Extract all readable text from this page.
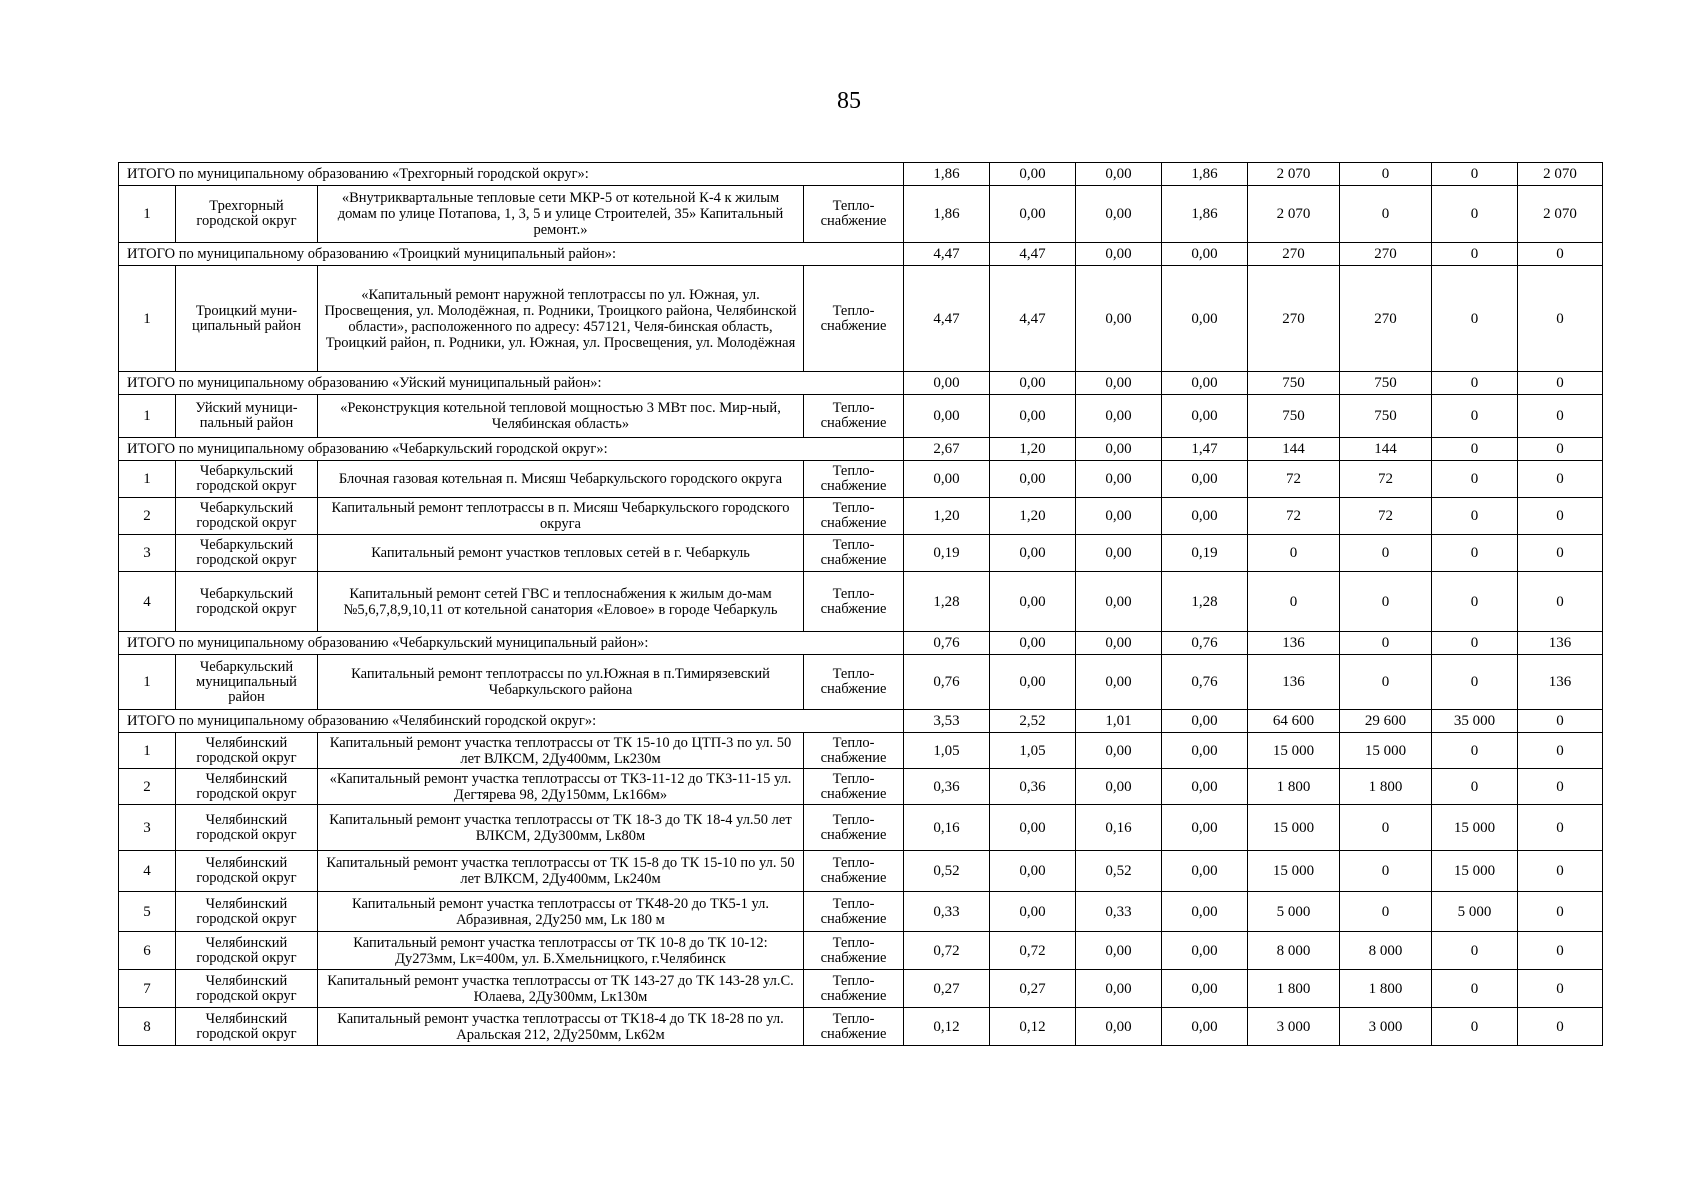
85
ИТОГО по муниципальному образованию «Трехгорный городской округ»:				1,86	0,00	0,00	1,86	2 070	0	0	2 070
1	Трехгорный городской округ	«Внутриквартальные тепловые сети МКР-5 от котельной К-4 к жилым домам по улице Потапова, 1, 3, 5 и улице Строителей, 35» Капитальный ремонт.»	Тепло-снабжение	1,86	0,00	0,00	1,86	2 070	0	0	2 070
ИТОГО по муниципальному образованию «Троицкий муниципальный район»:				4,47	4,47	0,00	0,00	270	270	0	0
1	Троицкий муни-ципальный район	«Капитальный ремонт наружной теплотрассы по ул. Южная, ул. Просвещения, ул. Молодёжная, п. Родники, Троицкого района, Челябинской области», расположенного по адресу: 457121, Челя-бинская область, Троицкий район, п. Родники, ул. Южная, ул. Просвещения, ул. Молодёжная	Тепло-снабжение	4,47	4,47	0,00	0,00	270	270	0	0
ИТОГО по муниципальному образованию «Уйский муниципальный район»:				0,00	0,00	0,00	0,00	750	750	0	0
1	Уйский муници-пальный район	«Реконструкция котельной тепловой мощностью 3 МВт пос. Мир-ный, Челябинская область»	Тепло-снабжение	0,00	0,00	0,00	0,00	750	750	0	0
ИТОГО по муниципальному образованию «Чебаркульский городской округ»:				2,67	1,20	0,00	1,47	144	144	0	0
1	Чебаркульский городской округ	Блочная газовая котельная п. Мисяш Чебаркульского городского округа	Тепло-снабжение	0,00	0,00	0,00	0,00	72	72	0	0
2	Чебаркульский городской округ	Капитальный ремонт теплотрассы в п. Мисяш Чебаркульского городского округа	Тепло-снабжение	1,20	1,20	0,00	0,00	72	72	0	0
3	Чебаркульский городской округ	Капитальный ремонт участков тепловых сетей в г. Чебаркуль	Тепло-снабжение	0,19	0,00	0,00	0,19	0	0	0	0
4	Чебаркульский городской округ	Капитальный ремонт сетей ГВС и теплоснабжения к жилым до-мам №5,6,7,8,9,10,11 от котельной санатория «Еловое» в городе Чебаркуль	Тепло-снабжение	1,28	0,00	0,00	1,28	0	0	0	0
ИТОГО по муниципальному образованию «Чебаркульский муниципальный район»:				0,76	0,00	0,00	0,76	136	0	0	136
1	Чебаркульский муниципальный район	Капитальный ремонт теплотрассы по ул.Южная в п.Тимирязевский Чебаркульского района	Тепло-снабжение	0,76	0,00	0,00	0,76	136	0	0	136
ИТОГО по муниципальному образованию «Челябинский городской округ»:				3,53	2,52	1,01	0,00	64 600	29 600	35 000	0
1	Челябинский городской округ	Капитальный ремонт участка теплотрассы от ТК 15-10 до ЦТП-3 по ул. 50 лет ВЛКСМ, 2Ду400мм, Lк230м	Тепло-снабжение	1,05	1,05	0,00	0,00	15 000	15 000	0	0
2	Челябинский городской округ	«Капитальный ремонт участка теплотрассы от ТК3-11-12 до ТК3-11-15 ул. Дегтярева 98, 2Ду150мм, Lк166м»	Тепло-снабжение	0,36	0,36	0,00	0,00	1 800	1 800	0	0
3	Челябинский городской округ	Капитальный ремонт участка теплотрассы от ТК 18-3 до ТК 18-4 ул.50 лет ВЛКСМ, 2Ду300мм, Lк80м	Тепло-снабжение	0,16	0,00	0,16	0,00	15 000	0	15 000	0
4	Челябинский городской округ	Капитальный ремонт участка теплотрассы от ТК 15-8 до ТК 15-10 по ул. 50 лет ВЛКСМ, 2Ду400мм, Lк240м	Тепло-снабжение	0,52	0,00	0,52	0,00	15 000	0	15 000	0
5	Челябинский городской округ	Капитальный ремонт участка теплотрассы от ТК48-20 до ТК5-1 ул. Абразивная, 2Ду250 мм, Lк 180 м	Тепло-снабжение	0,33	0,00	0,33	0,00	5 000	0	5 000	0
6	Челябинский городской округ	Капитальный ремонт участка теплотрассы от ТК 10-8 до ТК 10-12: Ду273мм, Lк=400м, ул. Б.Хмельницкого, г.Челябинск	Тепло-снабжение	0,72	0,72	0,00	0,00	8 000	8 000	0	0
7	Челябинский городской округ	Капитальный ремонт участка теплотрассы от ТК 143-27 до ТК 143-28 ул.С. Юлаева, 2Ду300мм, Lк130м	Тепло-снабжение	0,27	0,27	0,00	0,00	1 800	1 800	0	0
8	Челябинский городской округ	Капитальный ремонт участка теплотрассы от ТК18-4 до ТК 18-28 по ул. Аральская 212, 2Ду250мм, Lк62м	Тепло-снабжение	0,12	0,12	0,00	0,00	3 000	3 000	0	0
